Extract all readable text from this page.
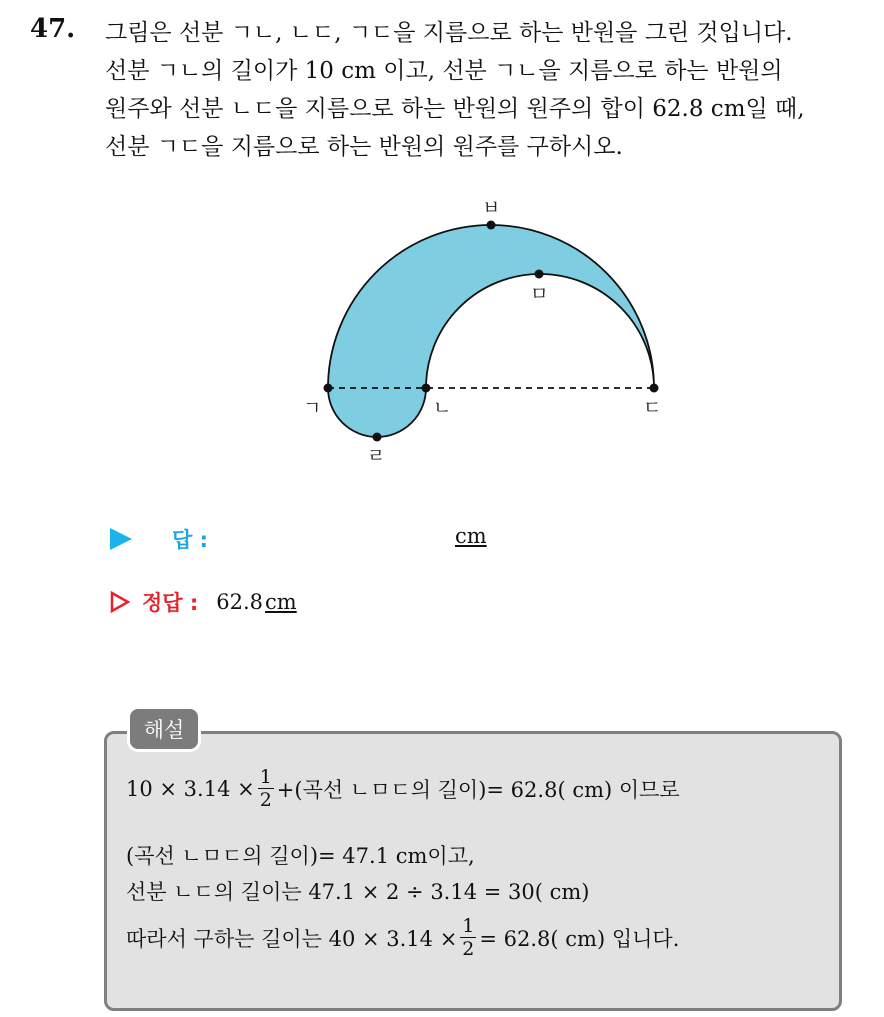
47. 그림은 선분 ㄱㄴ, ㄴㄷ, ㄱㄷ을 지름으로 하는 반원을 그린 것입니다.
선분 ㄱㄴ의 길이가 10 cm 이고, 선분 ㄱㄴ을 지름으로 하는 반원의
원주와 선분 ㄴㄷ을 지름으로 하는 반원의 원주의 합이 62.8 cm일 때,
선분 ㄱㄷ을 지름으로 하는 반원의 원주를 구하시오.
ㄱ	ㄴ	ㄷ
ㄹ
ㅁ
ㅂ
답 :	cm
정답 : 62.8cm
해설
$10 \times 3.14 \times \frac{1}{2}$ +(곡선 ㄴㅁㄷ의 길이)= 62.8( cm) 이므로
(곡선 ㄴㅁㄷ의 길이)= 47.1 cm이고,
선분 ㄴㄷ의 길이는 47.1 × 2 ÷ 3.14 = 30( cm)
따라서 구하는 길이는 $40 \times 3.14 \times \frac{1}{2} = 62.8$( cm) 입니다.
